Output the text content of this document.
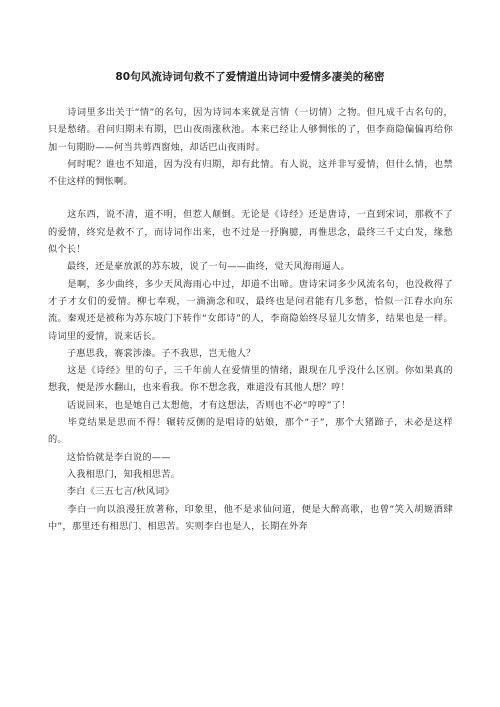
80句风流诗词句救不了爱情道出诗词中爱情多凄美的秘密

　　诗词里多出关于“情”的名句，因为诗词本来就是言情（一切情）之物。但凡成千古名句的，只是愁绪。君问归期未有期，巴山夜雨涨秋池。本来已经让人够惆怅的了，但李商隐偏偏再给你加一句期盼——何当共剪西窗烛，却话巴山夜雨时。

　　何时呢？谁也不知道，因为没有归期，却有此情。有人说，这并非写爱情，但什么情，也禁不住这样的惆怅啊。

　　这东西，说不清，道不明，但惹人颠倒。无论是《诗经》还是唐诗，一直到宋词，那救不了的爱情，终究是救不了，而诗词作出来，也不过是一抒胸臆，再惟思念，最终三千丈白发，缘愁似个长！

　　最终，还是豪放派的苏东坡，说了一句——曲终，觉天风海雨逼人。

　　是啊，多少曲终，多少天风海雨心中过，却道不出啼。唐诗宋词多少风流名句，也没救得了才子才女们的爱情。柳七奉观，一滴滴念和叹，最终也是问君能有几多愁，恰似一江春水向东流。秦观还是被称为苏东坡门下转作“女郎诗”的人，李商隐始终尽显儿女情多，结果也是一样。诗词里的爱情，说来话长。

　　子惠思我，褰裳涉溱。子不我思，岂无他人？

　　这是《诗经》里的句子，三千年前人在爱情里的情绪，跟现在几乎没什么区别。你如果真的想我，便是涉水翻山，也来看我。你不想念我，难道没有其他人想？哼！

　　话说回来，也是她自己太想他，才有这想法，否则也不必“哼哼”了！

　　毕竟结果是思而不得！辗转反侧的是唱诗的姑娘，那个“子”，那个大猪蹄子，未必是这样的。

　　这恰恰就是李白说的——

　　入我相思门，知我相思苦。

　　李白《三五七言/秋风词》

　　李白一向以浪漫狂放著称，印象里，他不是求仙问道，便是大醉高歌，也曾“笑入胡姬酒肆中”，那里还有相思门、相思苦。实则李白也是人，长期在外奔
